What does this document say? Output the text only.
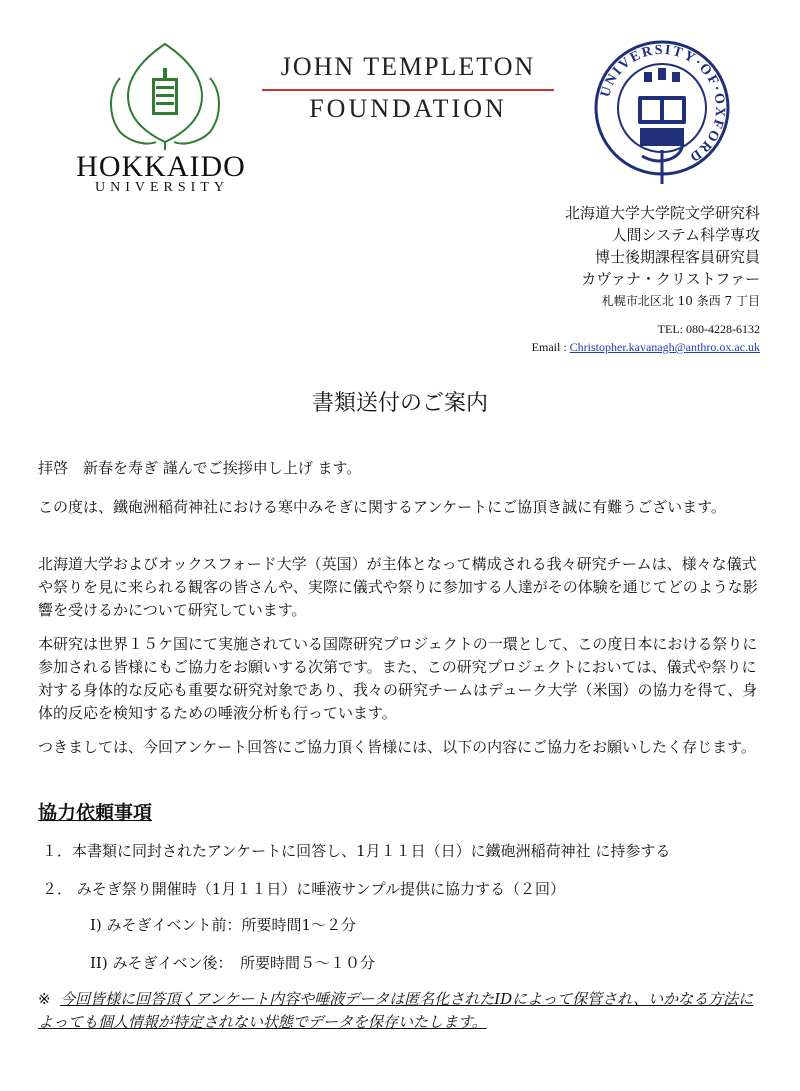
HOKKAIDO
UNIVERSITY
JOHN TEMPLETON
FOUNDATION
UNIVERSITY·OF·OXFORD
北海道大学大学院文学研究科
人間システム科学専攻
博士後期課程客員研究員
カヴァナ・クリストファー
札幌市北区北 10 条西 7 丁目
TEL: 080-4228-6132
Email : Christopher.kavanagh@anthro.ox.ac.uk
書類送付のご案内
拝啓　新春を寿ぎ 謹んでご挨拶申し上げ ます。
この度は、鐵砲洲稲荷神社における寒中みそぎに関するアンケートにご協頂き誠に有難うございます。
北海道大学およびオックスフォード大学（英国）が主体となって構成される我々研究チームは、様々な儀式や祭りを見に来られる観客の皆さんや、実際に儀式や祭りに参加する人達がその体験を通じてどのような影響を受けるかについて研究しています。
本研究は世界１５ケ国にて実施されている国際研究プロジェクトの一環として、この度日本における祭りに参加される皆様にもご協力をお願いする次第です。また、この研究プロジェクトにおいては、儀式や祭りに対する身体的な反応も重要な研究対象であり、我々の研究チームはデューク大学（米国）の協力を得て、身体的反応を検知するための唾液分析も行っています。
つきましては、今回アンケート回答にご協力頂く皆様には、以下の内容にご協力をお願いしたく存じます。
協力依頼事項
１．本書類に同封されたアンケートに回答し、1月１１日（日）に鐵砲洲稲荷神社 に持参する
２． みそぎ祭り開催時（1月１１日）に唾液サンプル提供に協力する（２回）
I) みそぎイベント前：所要時間1～２分
II) みそぎイベン後：　所要時間５～１０分
※ 今回皆様に回答頂くアンケート内容や唾液データは匿名化されたIDによって保管され、いかなる方法によっても個人情報が特定されない状態でデータを保存いたします。
